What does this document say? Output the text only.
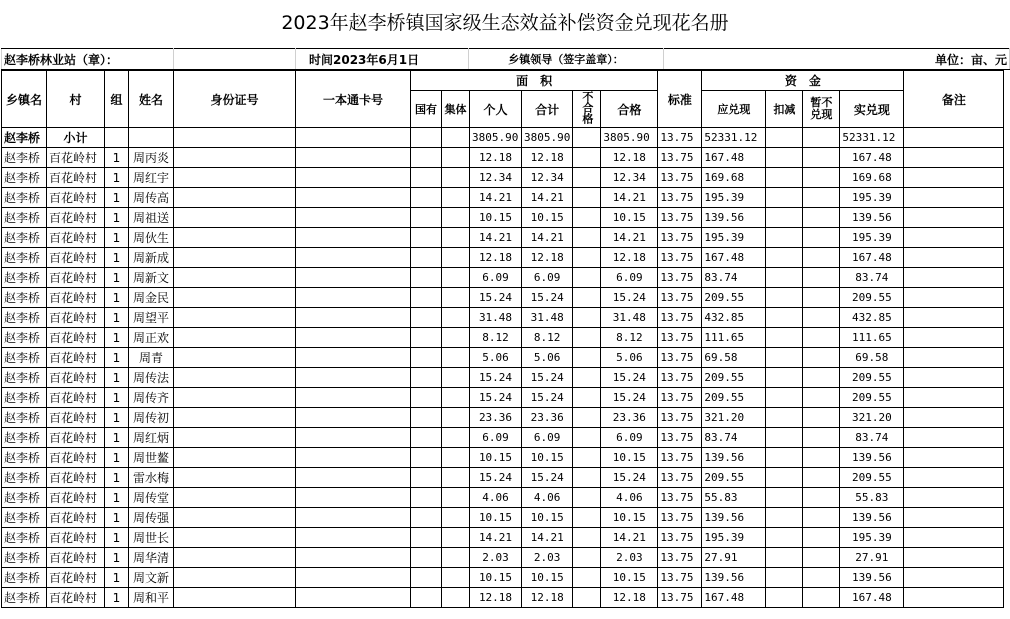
2023年赵李桥镇国家级生态效益补偿资金兑现花名册
赵李桥林业站（章）：		时间2023年6月1日	乡镇领导（签字盖章）：	单位：亩、元
乡镇名	村	组	姓名	身份证号	一本通卡号	面　积						标准	资　金				备注
						国有	集体	个人	合计	不合格	合格		应兑现	扣减	暂不兑现	实兑现	

赵李桥	小计							3805.90	3805.90		3805.90	13.75	52331.12			52331.12	
赵李桥	百花岭村	1	周丙炎					12.18	12.18		12.18	13.75	167.48			167.48	
赵李桥	百花岭村	1	周红宇					12.34	12.34		12.34	13.75	169.68			169.68	
赵李桥	百花岭村	1	周传高					14.21	14.21		14.21	13.75	195.39			195.39	
赵李桥	百花岭村	1	周祖送					10.15	10.15		10.15	13.75	139.56			139.56	
赵李桥	百花岭村	1	周伙生					14.21	14.21		14.21	13.75	195.39			195.39	
赵李桥	百花岭村	1	周新成					12.18	12.18		12.18	13.75	167.48			167.48	
赵李桥	百花岭村	1	周新文					6.09	6.09		6.09	13.75	83.74			83.74	
赵李桥	百花岭村	1	周金民					15.24	15.24		15.24	13.75	209.55			209.55	
赵李桥	百花岭村	1	周望平					31.48	31.48		31.48	13.75	432.85			432.85	
赵李桥	百花岭村	1	周正欢					8.12	8.12		8.12	13.75	111.65			111.65	
赵李桥	百花岭村	1	周青					5.06	5.06		5.06	13.75	69.58			69.58	
赵李桥	百花岭村	1	周传法					15.24	15.24		15.24	13.75	209.55			209.55	
赵李桥	百花岭村	1	周传齐					15.24	15.24		15.24	13.75	209.55			209.55	
赵李桥	百花岭村	1	周传初					23.36	23.36		23.36	13.75	321.20			321.20	
赵李桥	百花岭村	1	周红炳					6.09	6.09		6.09	13.75	83.74			83.74	
赵李桥	百花岭村	1	周世鳌					10.15	10.15		10.15	13.75	139.56			139.56	
赵李桥	百花岭村	1	雷水梅					15.24	15.24		15.24	13.75	209.55			209.55	
赵李桥	百花岭村	1	周传堂					4.06	4.06		4.06	13.75	55.83			55.83	
赵李桥	百花岭村	1	周传强					10.15	10.15		10.15	13.75	139.56			139.56	
赵李桥	百花岭村	1	周世长					14.21	14.21		14.21	13.75	195.39			195.39	
赵李桥	百花岭村	1	周华清					2.03	2.03		2.03	13.75	27.91			27.91	
赵李桥	百花岭村	1	周文新					10.15	10.15		10.15	13.75	139.56			139.56	
赵李桥	百花岭村	1	周和平					12.18	12.18		12.18	13.75	167.48			167.48	
